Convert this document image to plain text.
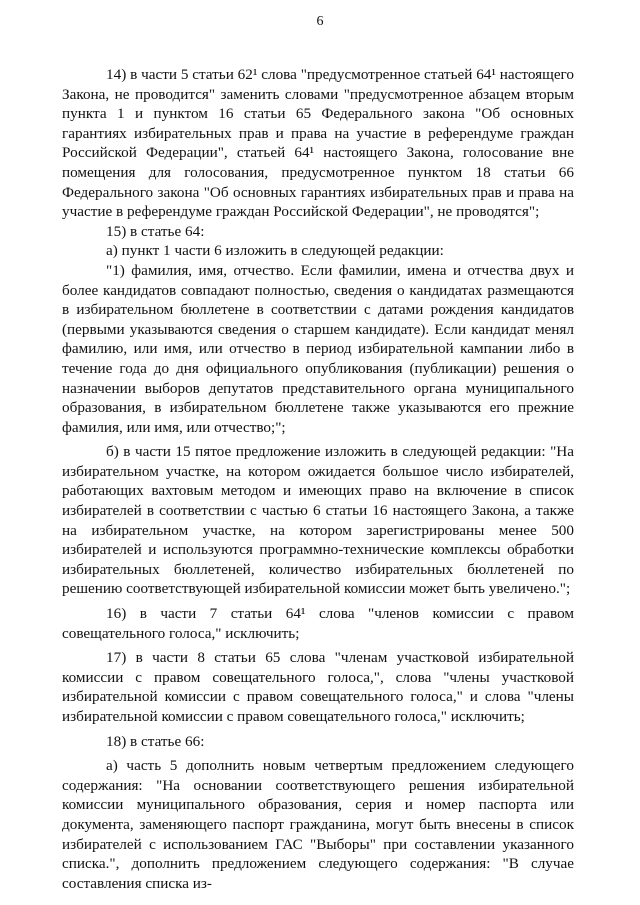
6

14) в части 5 статьи 62¹ слова "предусмотренное статьей 64¹ настоящего Закона, не проводится" заменить словами "предусмотренное абзацем вторым пункта 1 и пунктом 16 статьи 65 Федерального закона "Об основных гарантиях избирательных прав и права на участие в референдуме граждан Российской Федерации", статьей 64¹ настоящего Закона, голосование вне помещения для голосования, предусмотренное пунктом 18 статьи 66 Федерального закона "Об основных гарантиях избирательных прав и права на участие в референдуме граждан Российской Федерации", не проводятся";

15) в статье 64:

а) пункт 1 части 6 изложить в следующей редакции:

"1) фамилия, имя, отчество. Если фамилии, имена и отчества двух и более кандидатов совпадают полностью, сведения о кандидатах размещаются в избирательном бюллетене в соответствии с датами рождения кандидатов (первыми указываются сведения о старшем кандидате). Если кандидат менял фамилию, или имя, или отчество в период избирательной кампании либо в течение года до дня официального опубликования (публикации) решения о назначении выборов депутатов представительного органа муниципального образования, в избирательном бюллетене также указываются его прежние фамилия, или имя, или отчество;";

б) в части 15 пятое предложение изложить в следующей редакции: "На избирательном участке, на котором ожидается большое число избирателей, работающих вахтовым методом и имеющих право на включение в список избирателей в соответствии с частью 6 статьи 16 настоящего Закона, а также на избирательном участке, на котором зарегистрированы менее 500 избирателей и используются программно-технические комплексы обработки избирательных бюллетеней, количество избирательных бюллетеней по решению соответствующей избирательной комиссии может быть увеличено.";

16) в части 7 статьи 64¹ слова "членов комиссии с правом совещательного голоса," исключить;

17) в части 8 статьи 65 слова "членам участковой избирательной комиссии с правом совещательного голоса,", слова "члены участковой избирательной комиссии с правом совещательного голоса," и слова "члены избирательной комиссии с правом совещательного голоса," исключить;

18) в статье 66:

а) часть 5 дополнить новым четвертым предложением следующего содержания: "На основании соответствующего решения избирательной комиссии муниципального образования, серия и номер паспорта или документа, заменяющего паспорт гражданина, могут быть внесены в список избирателей с использованием ГАС "Выборы" при составлении указанного списка.", дополнить предложением следующего содержания: "В случае составления списка из-
